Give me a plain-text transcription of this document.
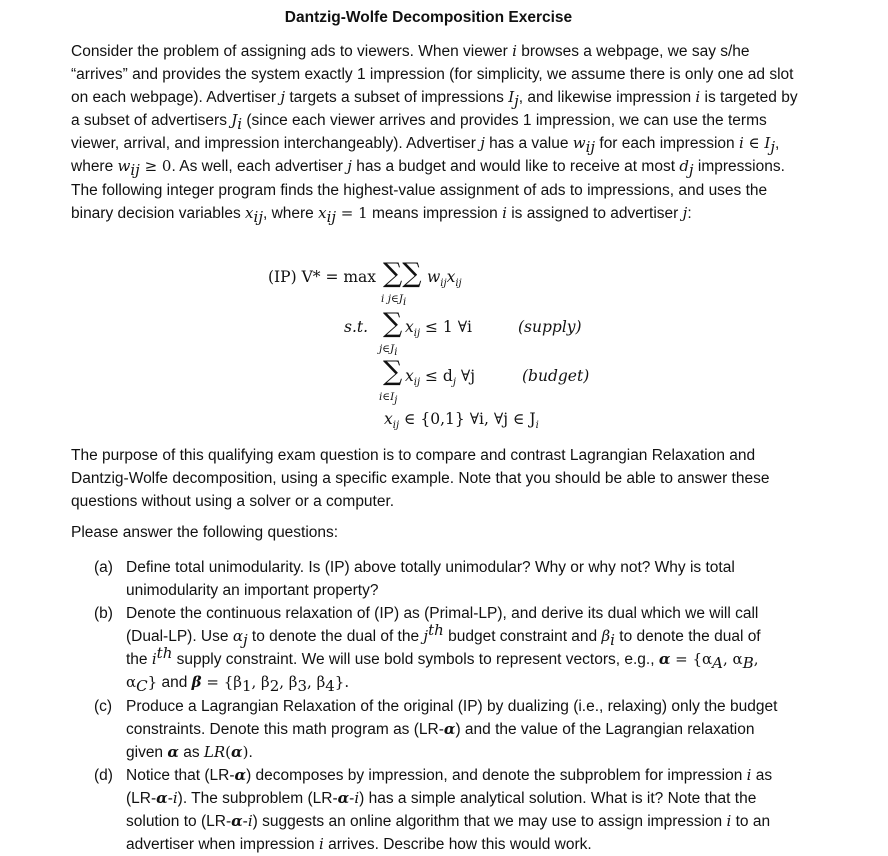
Dantzig-Wolfe Decomposition Exercise

Consider the problem of assigning ads to viewers. When viewer i browses a webpage, we say s/he “arrives” and provides the system exactly 1 impression (for simplicity, we assume there is only one ad slot on each webpage). Advertiser j targets a subset of impressions $I_j$, and likewise impression i is targeted by a subset of advertisers $J_i$ (since each viewer arrives and provides 1 impression, we can use the terms viewer, arrival, and impression interchangeably). Advertiser j has a value $w_{ij}$ for each impression i ∈ $I_j$, where $w_{ij} \ge 0$. As well, each advertiser j has a budget and would like to receive at most $d_j$ impressions. The following integer program finds the highest-value assignment of ads to impressions, and uses the binary decision variables $x_{ij}$, where $x_{ij} = 1$ means impression i is assigned to advertiser j:

(IP) V* = max ∑∑
i $j\in J_i$
$w_{ij}x_{ij}$
s.t. ∑
$j\in J_i$
$x_{ij} \le 1$ ∀i	(supply)
∑
$i\in I_j$
$x_{ij} \le d_j$ ∀j	(budget)
$x_{ij}$ ∈ {0,1} ∀i, ∀j ∈ $J_i$

The purpose of this qualifying exam question is to compare and contrast Lagrangian Relaxation and Dantzig-Wolfe decomposition, using a specific example. Note that you should be able to answer these questions without using a solver or a computer.

Please answer the following questions:

(a) Define total unimodularity. Is (IP) above totally unimodular? Why or why not? Why is total unimodularity an important property?
(b) Denote the continuous relaxation of (IP) as (Primal-LP), and derive its dual which we will call (Dual-LP). Use $\alpha_j$ to denote the dual of the $j^{th}$ budget constraint and $\beta_i$ to denote the dual of the $i^{th}$ supply constraint. We will use bold symbols to represent vectors, e.g., $\alpha = \{\alpha_A$, $\alpha_B$, $\alpha_C$} and $\beta = \{\beta_1$, $\beta_2$, $\beta_3$, $\beta_4$}.
(c) Produce a Lagrangian Relaxation of the original (IP) by dualizing (i.e., relaxing) only the budget constraints. Denote this math program as (LR-α) and the value of the Lagrangian relaxation given α as LR(α).
(d) Notice that (LR-α) decomposes by impression, and denote the subproblem for impression i as (LR-α-i). The subproblem (LR-α-i) has a simple analytical solution. What is it? Note that the solution to (LR-α-i) suggests an online algorithm that we may use to assign impression i to an advertiser when impression i arrives. Describe how this would work.
